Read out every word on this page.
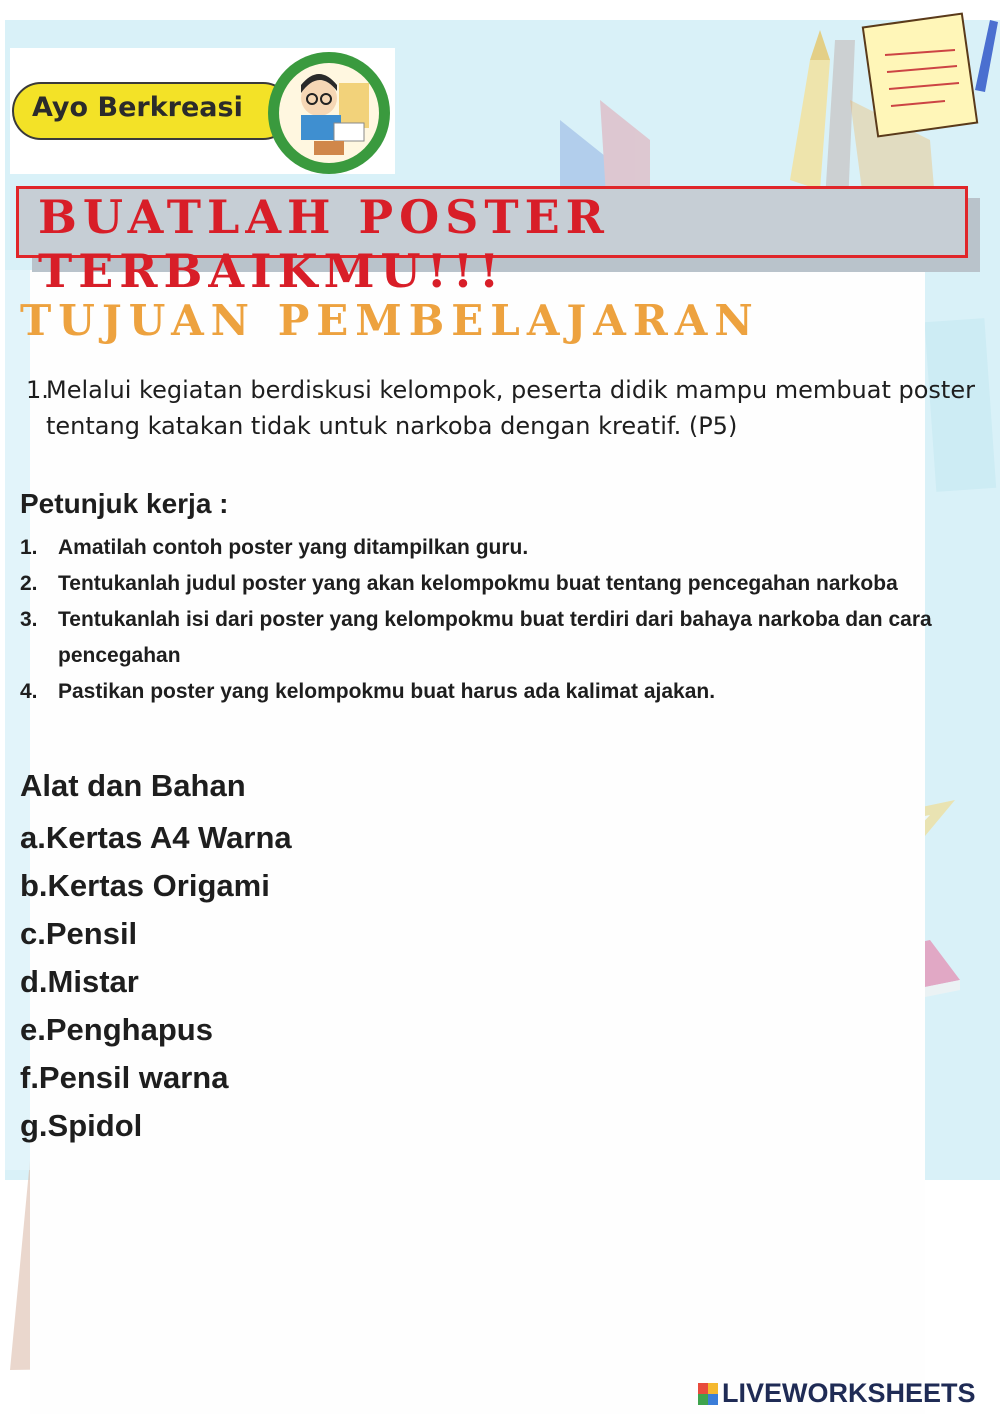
Ayo Berkreasi
BUATLAH POSTER TERBAIKMU!!!
TUJUAN PEMBELAJARAN
1.
Melalui kegiatan berdiskusi kelompok, peserta didik mampu membuat poster tentang katakan tidak untuk narkoba dengan kreatif. (P5)
Petunjuk kerja :
1. Amatilah contoh poster yang ditampilkan guru.
2. Tentukanlah judul poster yang akan kelompokmu buat tentang pencegahan narkoba
3. Tentukanlah isi dari poster yang kelompokmu buat terdiri dari bahaya narkoba dan cara pencegahan
4. Pastikan poster yang kelompokmu buat harus ada kalimat ajakan.
Alat dan Bahan
a.Kertas A4 Warna
b.Kertas Origami
c.Pensil
d.Mistar
e.Penghapus
f.Pensil warna
g.Spidol
LIVEWORKSHEETS
